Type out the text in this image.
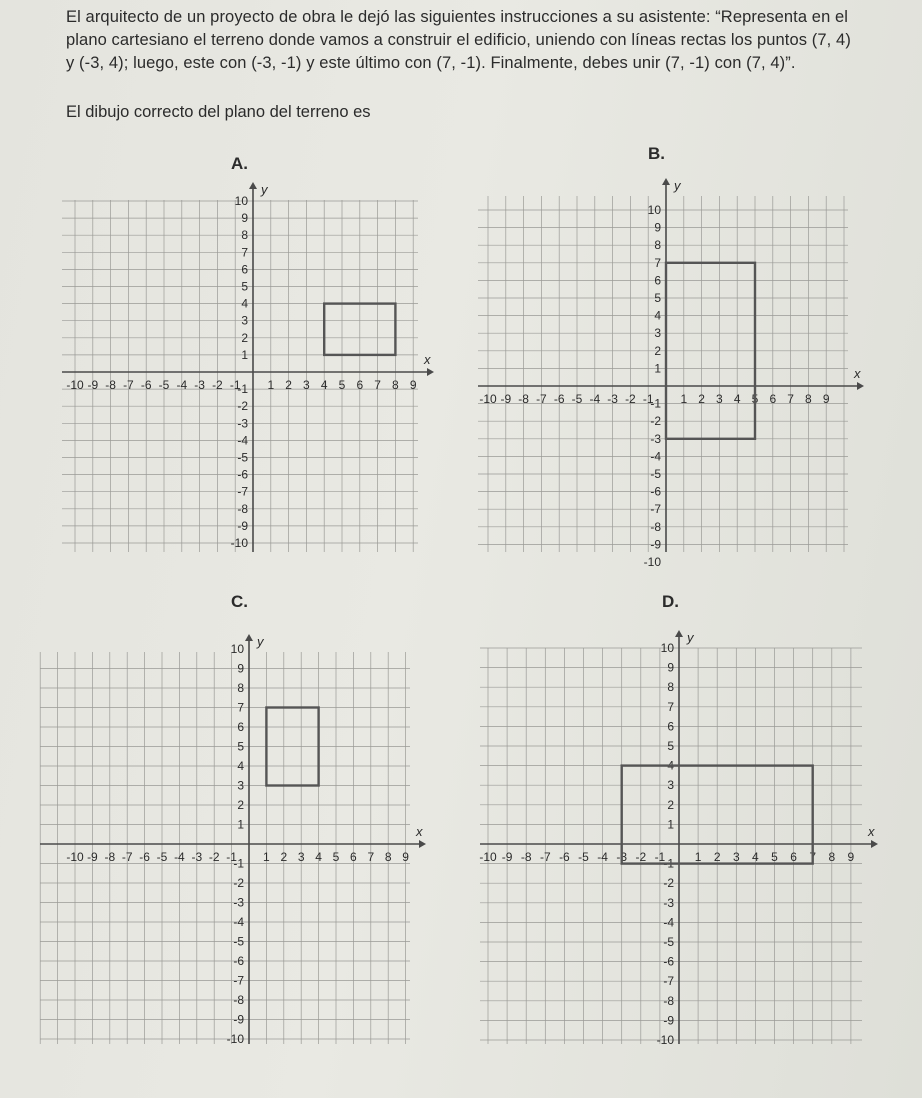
El arquitecto de un proyecto de obra le dejó las siguientes instrucciones a su asistente: “Representa en el plano cartesiano el terreno donde vamos a construir el edificio, uniendo con líneas rectas los puntos (7, 4) y (-3, 4); luego, este con (-3, -1) y este último con (7, -1). Finalmente, debes unir (7, -1) con (7, 4)”.
El dibujo correcto del plano del terreno es
A.
B.
C.	D.
x
y
-10 -9 -8 -7 -6 -5 -4 -3 -2 -1 1 2 3 4 5 6 7 8 9
-10
-9
-8
-7
-6
-5
-4
-3
-2
-1
1
2
3
4
5
6
7
8
9
10
x
y
-10 -9 -8 -7 -6 -5 -4 -3 -2 -1 1 2 3 4 5 6 7 8 9
-10
-9
-8
-7
-6
-5
-4
-3
-2
-1
1
2
3
4
5
6
7
8
9
10
x
y
-10 -9 -8 -7 -6 -5 -4 -3 -2 -1 1 2 3 4 5 6 7 8 9
-10
-9
-8
-7
-6
-5
-4
-3
-2
-1
1
2
3
4
5
6
7
8
9
10
x
y
-10 -9 -8 -7 -6 -5 -4 -3 -2 -1 1 2 3 4 5 6 7 8 9
-10
-9
-8
-7
-6
-5
-4
-3
-2
-1
1
2
3
4
5
6
7
8
9
10
